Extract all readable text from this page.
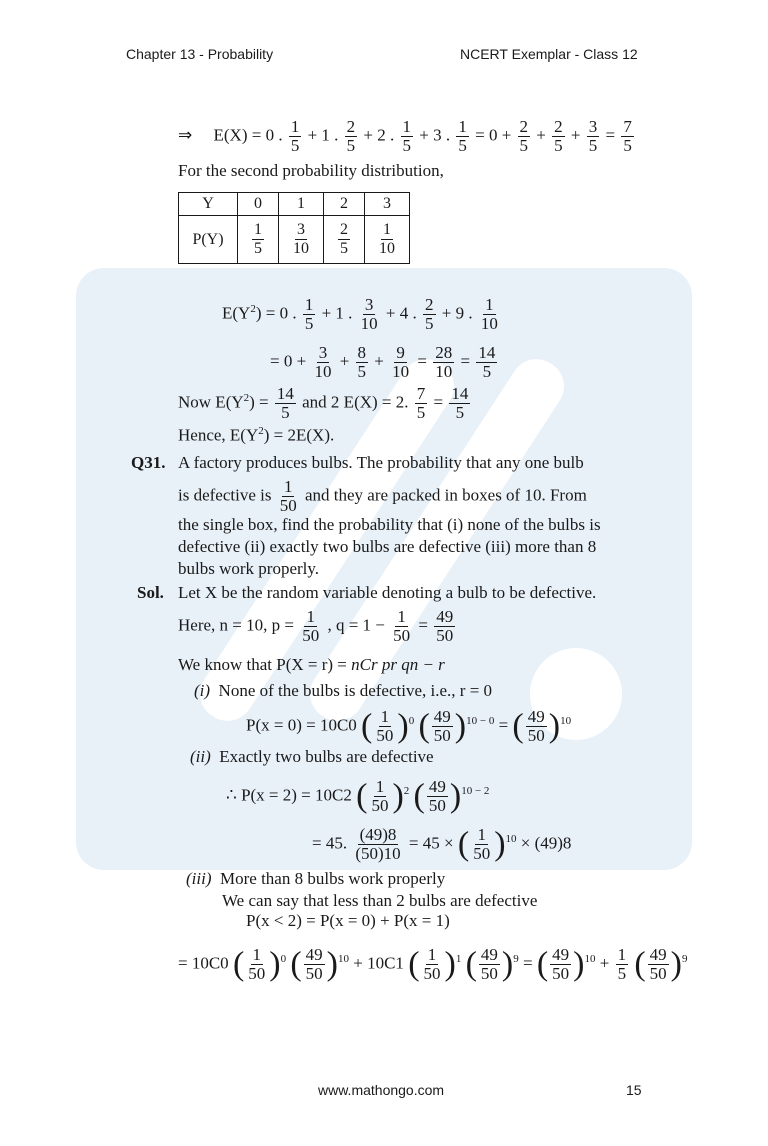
Chapter 13 - Probability	NCERT Exemplar - Class 12
⇒ E(X) = 0 . $\frac{1}{5} + 1$ . $\frac{2}{5} + 2$ . $\frac{1}{5} + 3$ . $\frac{1}{5} = 0 + \frac{2}{5} + \frac{2}{5} + \frac{3}{5} = \frac{7}{5}$
For the second probability distribution,
Y	0	1	2	3
P(Y)	$\frac{1}{5}$	$\frac{3}{10}$	$\frac{2}{5}$	$\frac{1}{10}$
$E(Y^2) = 0$ . $\frac{1}{5} + 1$ . $\frac{3}{10} + 4$ . $\frac{2}{5} + 9$ . $\frac{1}{10}$
= $0 + \frac{3}{10} + \frac{8}{5} + \frac{9}{10} = \frac{28}{10} = \frac{14}{5}$
Now $E(Y^2) = \frac{14}{5}$ and 2 E(X) = 2. $\frac{7}{5} = \frac{14}{5}$
Hence, $E(Y^2) = 2E(X)$.
Q31. A factory produces bulbs. The probability that any one bulb
is defective is $\frac{1}{50}$ and they are packed in boxes of 10. From
the single box, find the probability that (i) none of the bulbs is
defective (ii) exactly two bulbs are defective (iii) more than 8
bulbs work properly.
Sol. Let X be the random variable denoting a bulb to be defective.
Here, n = 10, $p = \frac{1}{50}$ , $q = 1 - \frac{1}{50} = \frac{49}{50}$
We know that P(X = r) = nCr pr qn − r
(i) None of the bulbs is defective, i.e., r = 0
P(x = 0) = 10C0 ( $\frac{1}{50} )^0$ ( $\frac{49}{50} )^{10 - 0}$ = ( $\frac{49}{50} )^{10}$
(ii) Exactly two bulbs are defective
∴ P(x = 2) = 10C2 ( $\frac{1}{50} )^2$ ( $\frac{49}{50} )^{10 - 2}$
= 45. $\frac{(49)8}{(50)10} = 45$ × ( $\frac{1}{50} )^{10} \times (49)8$
(iii) More than 8 bulbs work properly
We can say that less than 2 bulbs are defective
P(x < 2) = P(x = 0) + P(x = 1)
= 10C0 ( $\frac{1}{50} )^0$ ( $\frac{49}{50} )^{10} + 10C1$ ( $\frac{1}{50} )^1$ ( $\frac{49}{50} )^9$ = ( $\frac{49}{50} )^{10} + \frac{1}{5}$ ( $\frac{49}{50} )^9$
www.mathongo.com	15
